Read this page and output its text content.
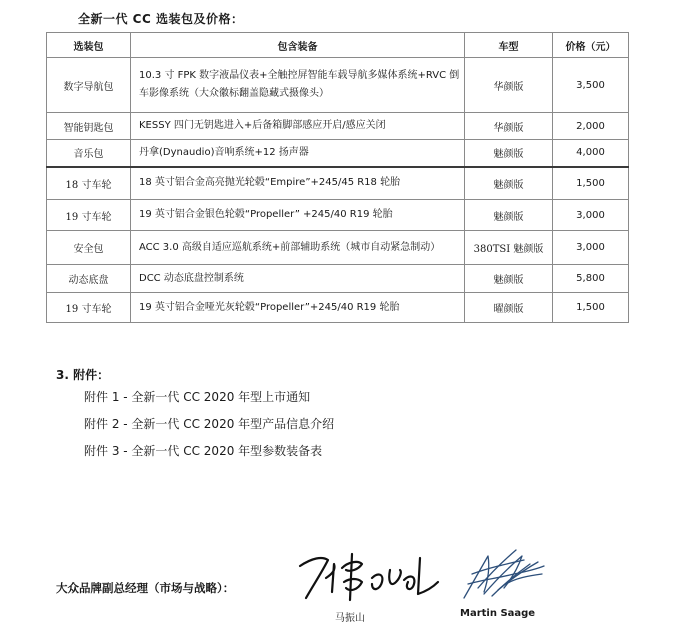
全新一代 CC 选装包及价格：
选装包	包含装备	车型	价格（元）
数字导航包	10.3 寸 FPK 数字液晶仪表+全触控屏智能车载导航多媒体系统+RVC 倒车影像系统（大众徽标翻盖隐藏式摄像头）	华颜版	3,500
智能钥匙包	KESSY 四门无钥匙进入+后备箱脚部感应开启/感应关闭	华颜版	2,000
音乐包	丹拿(Dynaudio)音响系统+12 扬声器	魅颜版	4,000
18 寸车轮	18 英寸铝合金高亮抛光轮毂“Empire”+245/45 R18 轮胎	魅颜版	1,500
19 寸车轮	19 英寸铝合金银色轮毂“Propeller” +245/40 R19 轮胎	魅颜版	3,000
安全包	ACC 3.0 高级自适应巡航系统+前部辅助系统（城市自动紧急制动）	380TSI 魅颜版	3,000
动态底盘	DCC 动态底盘控制系统	魅颜版	5,800
19 寸车轮	19 英寸铝合金哑光灰轮毂“Propeller”+245/40 R19 轮胎	曜颜版	1,500
3. 附件：
附件 1 - 全新一代 CC 2020 年型上市通知
附件 2 - 全新一代 CC 2020 年型产品信息介绍
附件 3 - 全新一代 CC 2020 年型参数装备表
大众品牌副总经理（市场与战略）：
马振山	Martin Saage
